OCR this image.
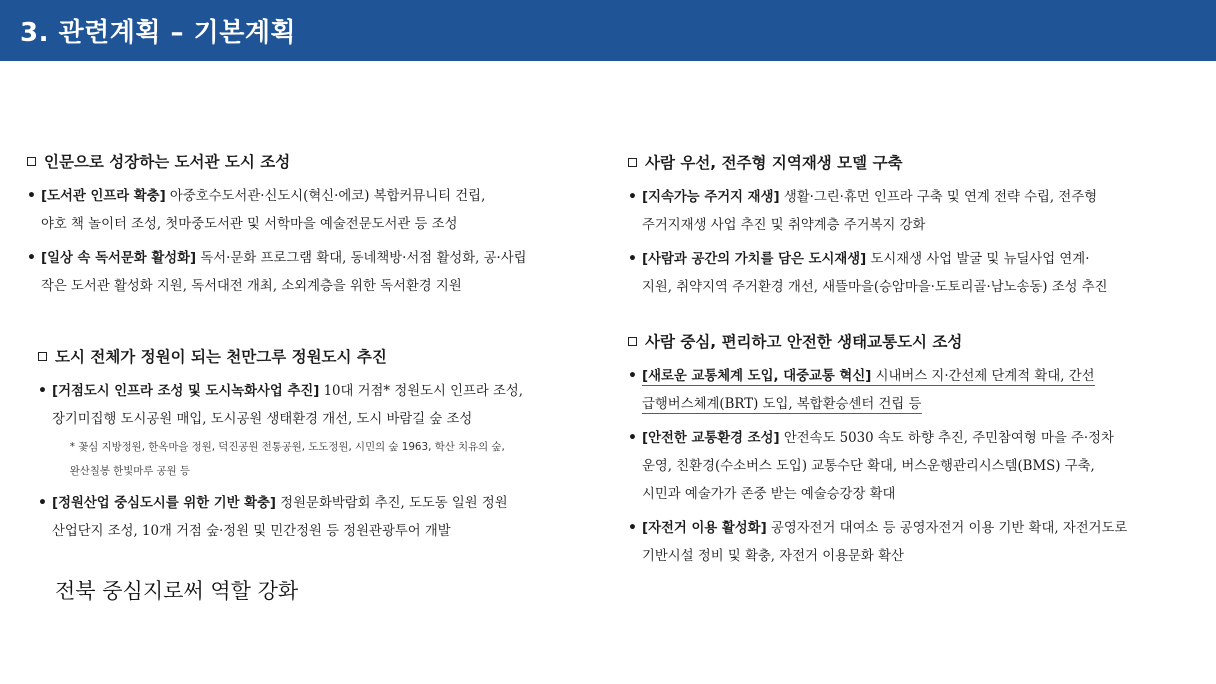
3. 관련계획 – 기본계획
인문으로 성장하는 도서관 도시 조성
• [도서관 인프라 확충] 아중호수도서관·신도시(혁신·에코) 복합커뮤니티 건립,
야호 책 놀이터 조성, 첫마중도서관 및 서학마을 예술전문도서관 등 조성
• [일상 속 독서문화 활성화] 독서·문화 프로그램 확대, 동네책방·서점 활성화, 공·사립
작은 도서관 활성화 지원, 독서대전 개최, 소외계층을 위한 독서환경 지원
도시 전체가 정원이 되는 천만그루 정원도시 추진
• [거점도시 인프라 조성 및 도시녹화사업 추진] 10대 거점* 정원도시 인프라 조성,
장기미집행 도시공원 매입, 도시공원 생태환경 개선, 도시 바람길 숲 조성
* 꽃심 지방정원, 한옥마을 정원, 덕진공원 전통공원, 도도정원, 시민의 숲 1963, 학산 치유의 숲,
완산칠봉 한빛마루 공원 등
• [정원산업 중심도시를 위한 기반 확충] 정원문화박람회 추진, 도도동 일원 정원
산업단지 조성, 10개 거점 숲·정원 및 민간정원 등 정원관광투어 개발
전북 중심지로써 역할 강화
사람 우선, 전주형 지역재생 모델 구축
• [지속가능 주거지 재생] 생활·그린·휴먼 인프라 구축 및 연계 전략 수립, 전주형
주거지재생 사업 추진 및 취약계층 주거복지 강화
• [사람과 공간의 가치를 담은 도시재생] 도시재생 사업 발굴 및 뉴딜사업 연계·
지원, 취약지역 주거환경 개선, 새뜰마을(승암마을·도토리골·남노송동) 조성 추진
사람 중심, 편리하고 안전한 생태교통도시 조성
• [새로운 교통체계 도입, 대중교통 혁신] 시내버스 지·간선제 단계적 확대, 간선
급행버스체계(BRT) 도입, 복합환승센터 건립 등
• [안전한 교통환경 조성] 안전속도 5030 속도 하향 추진, 주민참여형 마을 주·정차
운영, 친환경(수소버스 도입) 교통수단 확대, 버스운행관리시스템(BMS) 구축,
시민과 예술가가 존중 받는 예술승강장 확대
• [자전거 이용 활성화] 공영자전거 대여소 등 공영자전거 이용 기반 확대, 자전거도로
기반시설 정비 및 확충, 자전거 이용문화 확산
